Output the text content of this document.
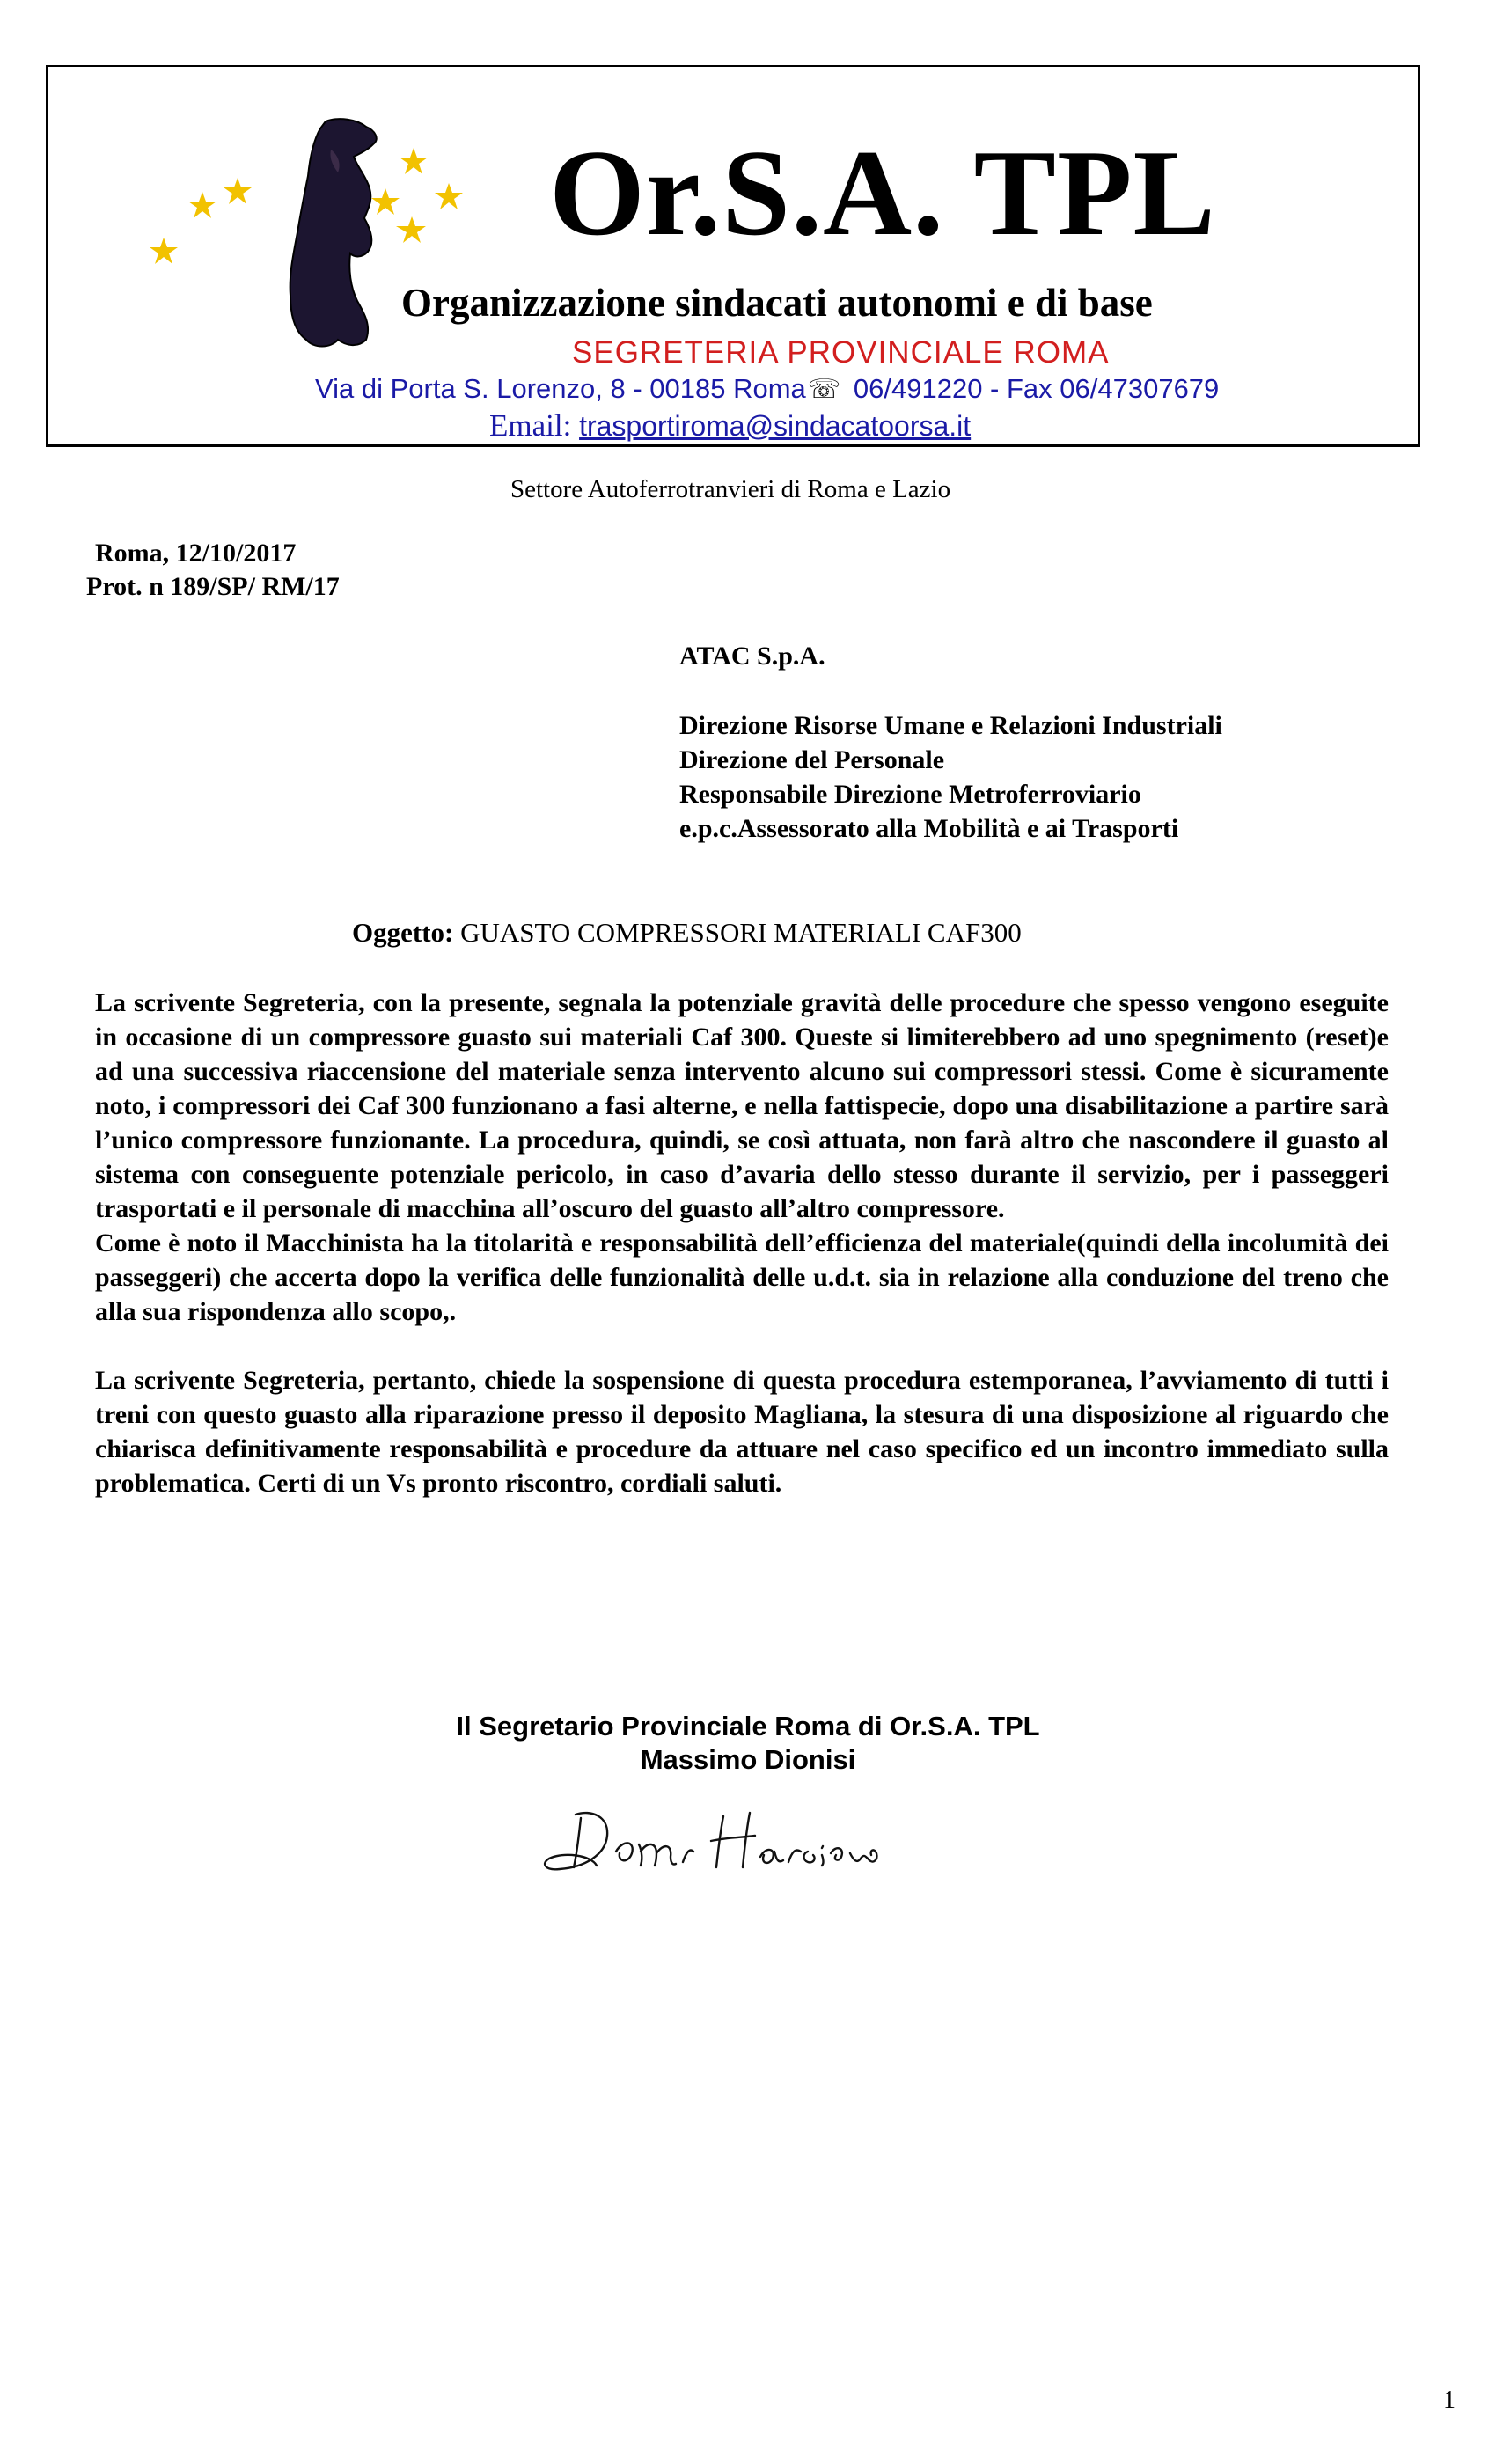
Or.S.A. TPL
Organizzazione sindacati autonomi e di base
SEGRETERIA PROVINCIALE ROMA
Via di Porta S. Lorenzo, 8 - 00185 Roma☏ 06/491220 - Fax 06/47307679
Email: trasportiroma@sindacatoorsa.it
Settore Autoferrotranvieri di Roma e Lazio
Roma, 12/10/2017
Prot. n 189/SP/ RM/17
ATAC S.p.A.
Direzione Risorse Umane e Relazioni Industriali
Direzione del Personale
Responsabile Direzione Metroferroviario
e.p.c.Assessorato alla Mobilità e ai Trasporti
Oggetto: GUASTO COMPRESSORI MATERIALI CAF300

La scrivente Segreteria, con la presente, segnala la potenziale gravità delle procedure che spesso vengono eseguite in occasione di un compressore guasto sui materiali Caf 300. Queste si limiterebbero ad uno spegnimento (reset)e ad una successiva riaccensione del materiale senza intervento alcuno sui compressori stessi. Come è sicuramente noto, i compressori dei Caf 300 funzionano a fasi alterne, e nella fattispecie, dopo una disabilitazione a partire sarà l’unico compressore funzionante. La procedura, quindi, se così attuata, non farà altro che nascondere il guasto al sistema con conseguente potenziale pericolo, in caso d’avaria dello stesso durante il servizio, per i passeggeri trasportati e il personale di macchina all’oscuro del guasto all’altro compressore.

Come è noto il Macchinista ha la titolarità e responsabilità dell’efficienza del materiale(quindi della incolumità dei passeggeri) che accerta dopo la verifica delle funzionalità delle u.d.t. sia in relazione alla conduzione del treno che alla sua rispondenza allo scopo,.

La scrivente Segreteria, pertanto, chiede la sospensione di questa procedura estemporanea, l’avviamento di tutti i treni con questo guasto alla riparazione presso il deposito Magliana, la stesura di una disposizione al riguardo che chiarisca definitivamente responsabilità e procedure da attuare nel caso specifico ed un incontro immediato sulla problematica. Certi di un Vs pronto riscontro, cordiali saluti.

Il Segretario Provinciale Roma di Or.S.A. TPL
Massimo Dionisi
1
